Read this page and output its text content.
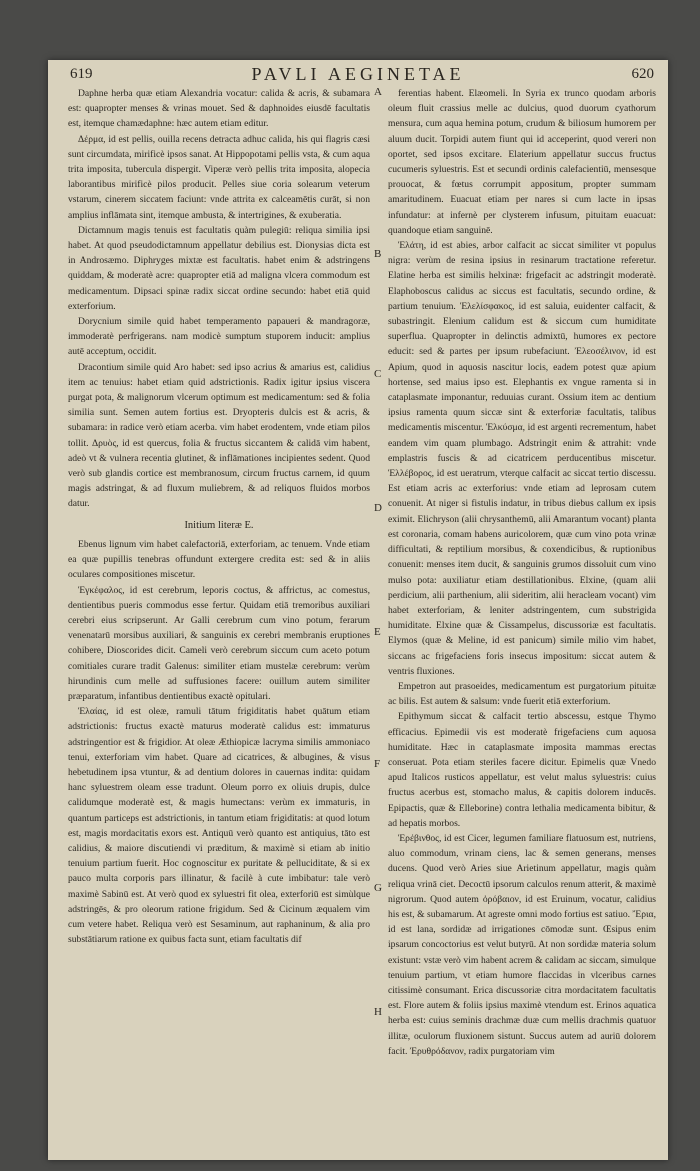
619	PAVLI AEGINETAE	620

Daphne herba quæ etiam Alexandria vocatur: calida & acris, & subamara est: quapropter menses & vrinas mouet. Sed & daphnoides eiusdē facultatis est, itemque chamædaphne: hæc autem etiam editur.

Δέρμα, id est pellis, ouilla recens detracta adhuc calida, his qui flagris cæsi sunt circumdata, mirificè ipsos sanat. At Hippopotami pellis vsta, & cum aqua trita imposita, tubercula dispergit. Viperæ verò pellis trita imposita, alopecia laborantibus mirificè pilos producit. Pelles siue coria solearum veterum vstarum, cinerem siccatem faciunt: vnde attrita ex calceamētis curāt, si non amplius inflāmata sint, itemque ambusta, & intertrigines, & exuberatia.

Dictamnum magis tenuis est facultatis quàm pulegiū: reliqua similia ipsi habet. At quod pseudodictamnum appellatur debilius est. Dionysias dicta est in Androsæmo. Diphryges mixtæ est facultatis. habet enim & adstringens quiddam, & moderatè acre: quapropter etiā ad maligna vlcera commodum est medicamentum. Dipsaci spinæ radix siccat ordine secundo: habet etiā quid exterforium.

Dorycnium simile quid habet temperamento papaueri & mandragoræ, immoderatè perfrigerans. nam modicè sumptum stuporem inducit: amplius autē acceptum, occidit.

Dracontium simile quid Aro habet: sed ipso acrius & amarius est, calidius item ac tenuius: habet etiam quid adstrictionis. Radix igitur ipsius viscera purgat pota, & malignorum vlcerum optimum est medicamentum: sed & folia similia sunt. Semen autem fortius est. Dryopteris dulcis est & acris, & subamara: in radice verò etiam acerba. vim habet erodentem, vnde etiam pilos tollit. Δρυὸς, id est quercus, folia & fructus siccantem & calidā vim habent, adeò vt & vulnera recentia glutinet, & inflāmationes incipientes sedent. Quod verò sub glandis cortice est membranosum, circum fructus carnem, id quum magis adstringat, & ad fluxum muliebrem, & ad reliquos fluidos morbos datur.

Initium literæ E.

Ebenus lignum vim habet calefactoriā, exterforiam, ac tenuem. Vnde etiam ea quæ pupillis tenebras offundunt extergere credita est: sed & in aliis oculares compositiones miscetur.

Ἐγκέφαλος, id est cerebrum, leporis coctus, & affrictus, ac comestus, dentientibus pueris commodus esse fertur. Quidam etiā tremoribus auxiliari cerebri eius scripserunt. Ar Galli cerebrum cum vino potum, ferarum venenatarū morsibus auxiliari, & sanguinis ex cerebri membranis eruptiones cohibere, Dioscorides dicit. Cameli verò cerebrum siccum cum aceto potum comitiales curare tradit Galenus: similiter etiam mustelæ cerebrum: verùm hirundinis cum melle ad suffusiones facere: ouillum autem similiter præparatum, infantibus dentientibus exactè opitulari.

Ἐλαίας, id est oleæ, ramuli tātum frigiditatis habet quātum etiam adstrictionis: fructus exactè maturus moderatè calidus est: immaturus adstringentior est & frigidior. At oleæ Æthiopicæ lacryma similis ammoniaco tenui, exterforiam vim habet. Quare ad cicatrices, & albugines, & visus hebetudinem ipsa vtuntur, & ad dentium dolores in cauernas indita: quidam hanc syluestrem oleam esse tradunt. Oleum porro ex oliuis drupis, dulce calidumque moderatè est, & magis humectans: verùm ex immaturis, in quantum particeps est adstrictionis, in tantum etiam frigiditatis: at quod lotum est, magis mordacitatis exors est. Antiquū verò quanto est antiquius, tāto est calidius, & maiore discutiendi vi præditum, & maximè si etiam ab initio tenuium partium fuerit. Hoc cognoscitur ex puritate & pelluciditate, & si ex pauco multa corporis pars illinatur, & facilè à cute imbibatur: tale verò maximè Sabinū est. At verò quod ex syluestri fit olea, exterforiū est simùlque adstringēs, & pro oleorum ratione frigidum. Sed & Cicinum æqualem vim cum vetere habet. Reliqua verò est Sesaminum, aut raphaninum, & alia pro substātiarum ratione ex quibus facta sunt, etiam facultatis dif

A
B
C
D
E
F
G
H

ferentias habent. Elæomeli. In Syria ex trunco quodam arboris oleum fluit crassius melle ac dulcius, quod duorum cyathorum mensura, cum aqua hemina potum, crudum & biliosum humorem per aluum ducit. Torpidi autem fiunt qui id acceperint, quod vereri non oportet, sed ipsos excitare. Elaterium appellatur succus fructus cucumeris syluestris. Est et secundi ordinis calefacientiū, mensesque prouocat, & fœtus corrumpit appositum, propter summam amaritudinem. Euacuat etiam per nares si cum lacte in ipsas infundatur: at infernè per clysterem infusum, pituitam euacuat: quandoque etiam sanguinē.

Ἐλάτη, id est abies, arbor calfacit ac siccat similiter vt populus nigra: verùm de resina ipsius in resinarum tractatione referetur. Elatine herba est similis helxinæ: frigefacit ac adstringit moderatè. Elaphoboscus calidus ac siccus est facultatis, secundo ordine, & partium tenuium. Ἐλελίσφακος, id est saluia, euidenter calfacit, & subastringit. Elenium calidum est & siccum cum humiditate superflua. Quapropter in delinctis admixtū, humores ex pectore educit: sed & partes per ipsum rubefaciunt. Ἐλεοσέλινον, id est Apium, quod in aquosis nascitur locis, eadem potest quæ apium hortense, sed maius ipso est. Elephantis ex vngue ramenta si in cataplasmate imponantur, reduuias curant. Ossium item ac dentium ipsius ramenta quum siccæ sint & exterforiæ facultatis, talibus medicamentis miscentur. Ἐλκύσμα, id est argenti recrementum, habet eandem vim quam plumbago. Adstringit enim & attrahit: vnde emplastris fuscis & ad cicatricem perducentibus miscetur. Ἐλλέβορος, id est ueratrum, vterque calfacit ac siccat tertio discessu. Est etiam acris ac exterforius: vnde etiam ad leprosam cutem conuenit. At niger si fistulis indatur, in tribus diebus callum ex ipsis eximit. Elichryson (alii chrysanthemū, alii Amarantum vocant) planta est coronaria, comam habens auricolorem, quæ cum vino pota vrinæ difficultati, & reptilium morsibus, & coxendicibus, & ruptionibus conuenit: menses item ducit, & sanguinis grumos dissoluit cum vino mulso pota: auxiliatur etiam destillationibus. Elxine, (quam alii perdicium, alii parthenium, alii sideritim, alii heracleam vocant) vim habet exterforiam, & leniter adstringentem, cum substrigida humiditate. Elxine quæ & Cissampelus, discussoriæ est facultatis. Elymos (quæ & Meline, id est panicum) simile milio vim habet, siccans ac frigefaciens foris insecus impositum: siccat autem & ventris fluxiones.

Empetron aut prasoeides, medicamentum est purgatorium pituitæ ac bilis. Est autem & salsum: vnde fuerit etiā exterforium.

Epithymum siccat & calfacit tertio abscessu, estque Thymo efficacius. Epimedii vis est moderatè frigefaciens cum aquosa humiditate. Hæc in cataplasmate imposita mammas erectas conseruat. Pota etiam steriles facere dicitur. Epimelis quæ Vnedo apud Italicos rusticos appellatur, est velut malus syluestris: cuius fructus acerbus est, stomacho malus, & capitis dolorem inducēs. Epipactis, quæ & Elleborine) contra lethalia medicamenta bibitur, & ad hepatis morbos.

Ἐρέβινθος, id est Cicer, legumen familiare flatuosum est, nutriens, aluo commodum, vrinam ciens, lac & semen generans, menses ducens. Quod verò Aries siue Arietinum appellatur, magis quàm reliqua vrinā ciet. Decoctū ipsorum calculos renum atterit, & maximè nigrorum. Quod autem ὀρόβαιον, id est Eruinum, vocatur, calidius his est, & subamarum. At agreste omni modo fortius est satiuo. Ἔρια, id est lana, sordidæ ad irrigationes cōmodæ sunt. Œsipus enim ipsarum concoctorius est velut butyrū. At non sordidæ materia solum existunt: vstæ verò vim habent acrem & calidam ac siccam, simulque tenuium partium, vt etiam humore flaccidas in vlceribus carnes citissimè consumant. Erica discussoriæ citra mordacitatem facultatis est. Flore autem & foliis ipsius maximè vtendum est. Erinos aquatica herba est: cuius seminis drachmæ duæ cum mellis drachmis quatuor illitæ, oculorum fluxionem sistunt. Succus autem ad auriū dolorem facit. Ἐρυθρόδανον, radix purgatoriam vim
